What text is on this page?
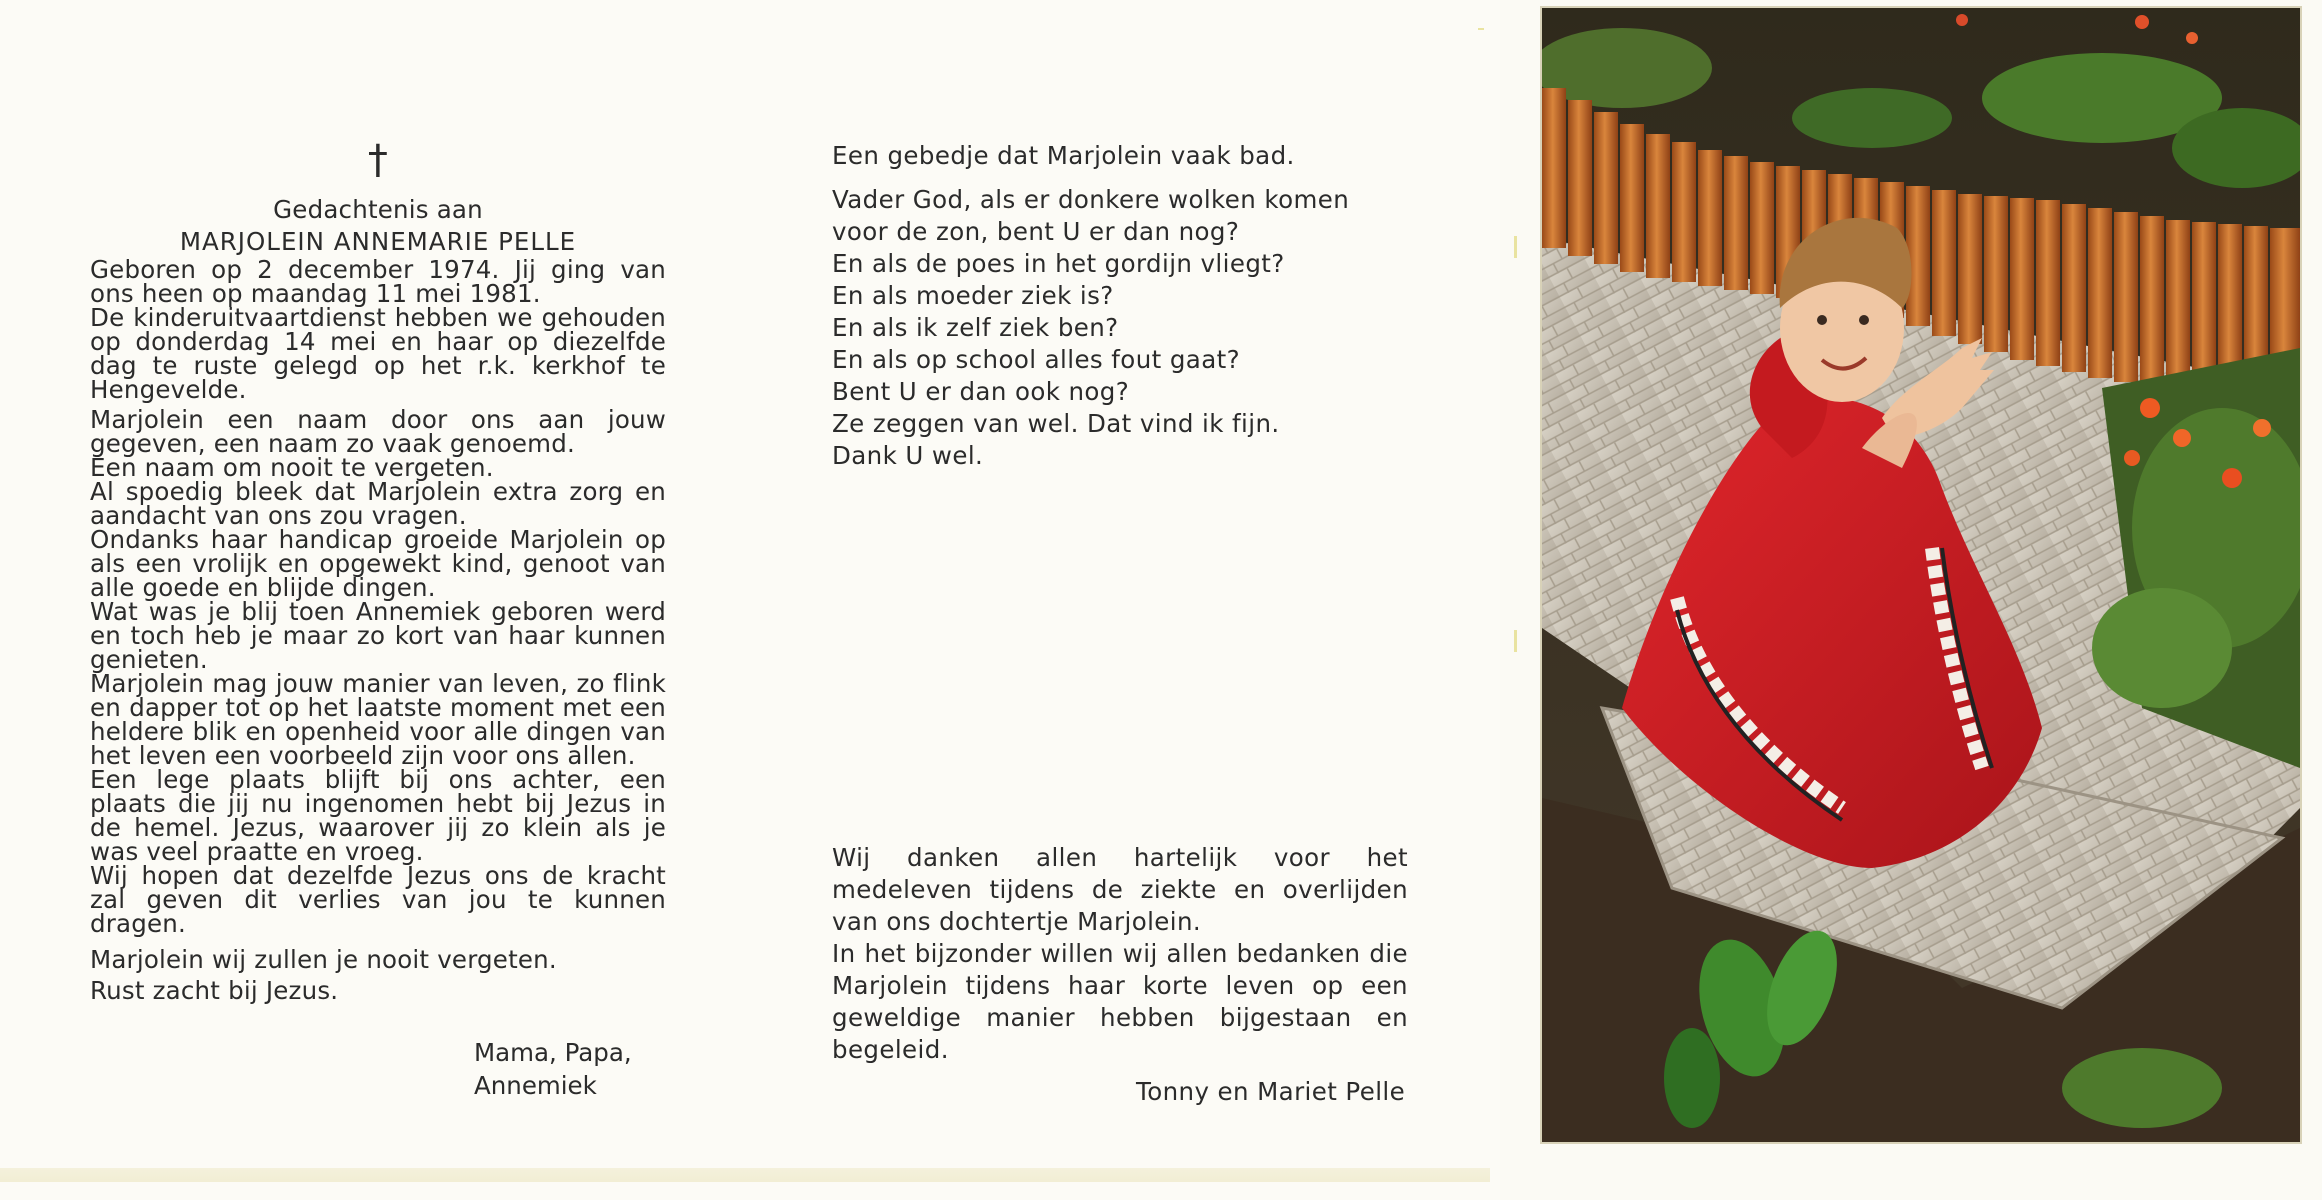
†
Gedachtenis aan
MARJOLEIN ANNEMARIE PELLE

Geboren op 2 december 1974. Jij ging van ons heen op maandag 11 mei 1981.

De kinderuitvaartdienst hebben we gehouden op donderdag 14 mei en haar op diezelfde dag te ruste gelegd op het r.k. kerkhof te Hengevelde.

Marjolein een naam door ons aan jouw gegeven, een naam zo vaak genoemd.

Een naam om nooit te vergeten.

Al spoedig bleek dat Marjolein extra zorg en aandacht van ons zou vragen.

Ondanks haar handicap groeide Marjolein op als een vrolijk en opgewekt kind, genoot van alle goede en blijde dingen.

Wat was je blij toen Annemiek geboren werd en toch heb je maar zo kort van haar kunnen genieten.

Marjolein mag jouw manier van leven, zo flink en dapper tot op het laatste moment met een heldere blik en openheid voor alle dingen van het leven een voorbeeld zijn voor ons allen.

Een lege plaats blijft bij ons achter, een plaats die jij nu ingenomen hebt bij Jezus in de hemel. Jezus, waarover jij zo klein als je was veel praatte en vroeg.

Wij hopen dat dezelfde Jezus ons de kracht zal geven dit verlies van jou te kunnen dragen.

Marjolein wij zullen je nooit vergeten.
Rust zacht bij Jezus.
Mama, Papa,
Annemiek
Een gebedje dat Marjolein vaak bad.
Vader God, als er donkere wolken komen
voor de zon, bent U er dan nog?
En als de poes in het gordijn vliegt?
En als moeder ziek is?
En als ik zelf ziek ben?
En als op school alles fout gaat?
Bent U er dan ook nog?
Ze zeggen van wel. Dat vind ik fijn.
Dank U wel.

Wij danken allen hartelijk voor het medeleven tijdens de ziekte en overlijden van ons dochtertje Marjolein.

In het bijzonder willen wij allen bedanken die Marjolein tijdens haar korte leven op een geweldige manier hebben bijgestaan en begeleid.

Tonny en Mariet Pelle
